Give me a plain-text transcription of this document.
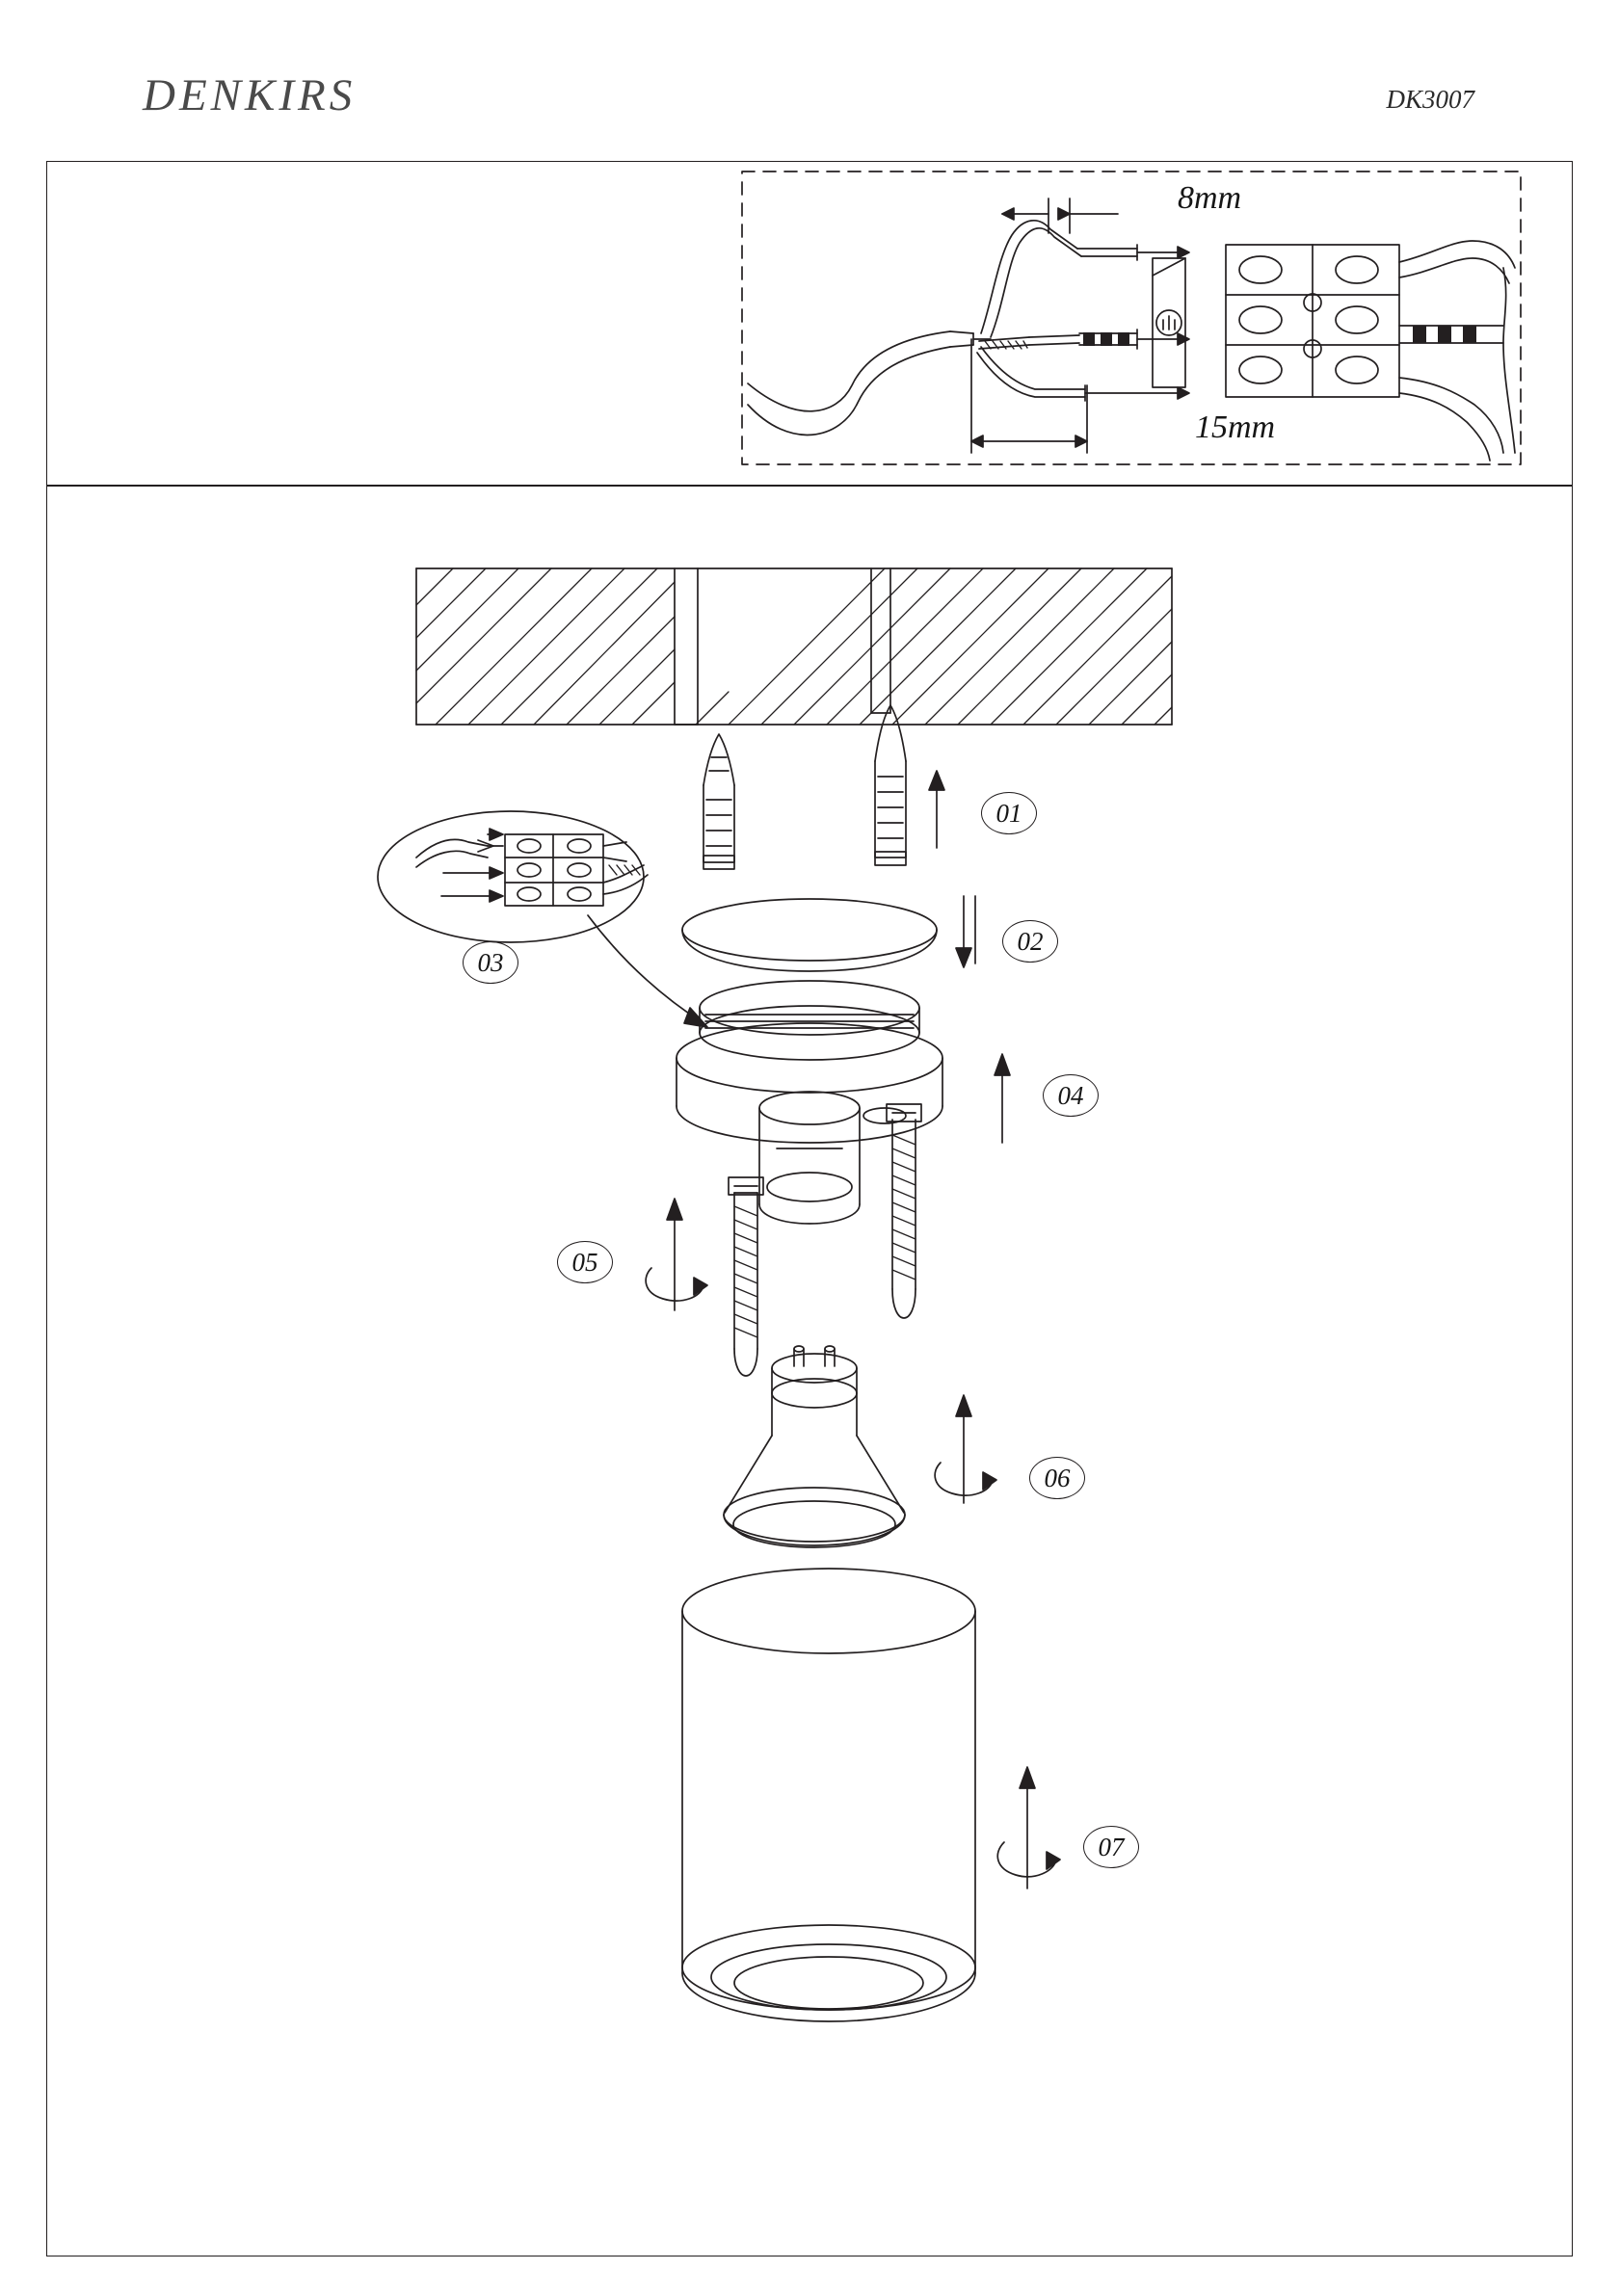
DENKIRS	DK3007
8mm
15mm
01
02
03
04
05
06
07
